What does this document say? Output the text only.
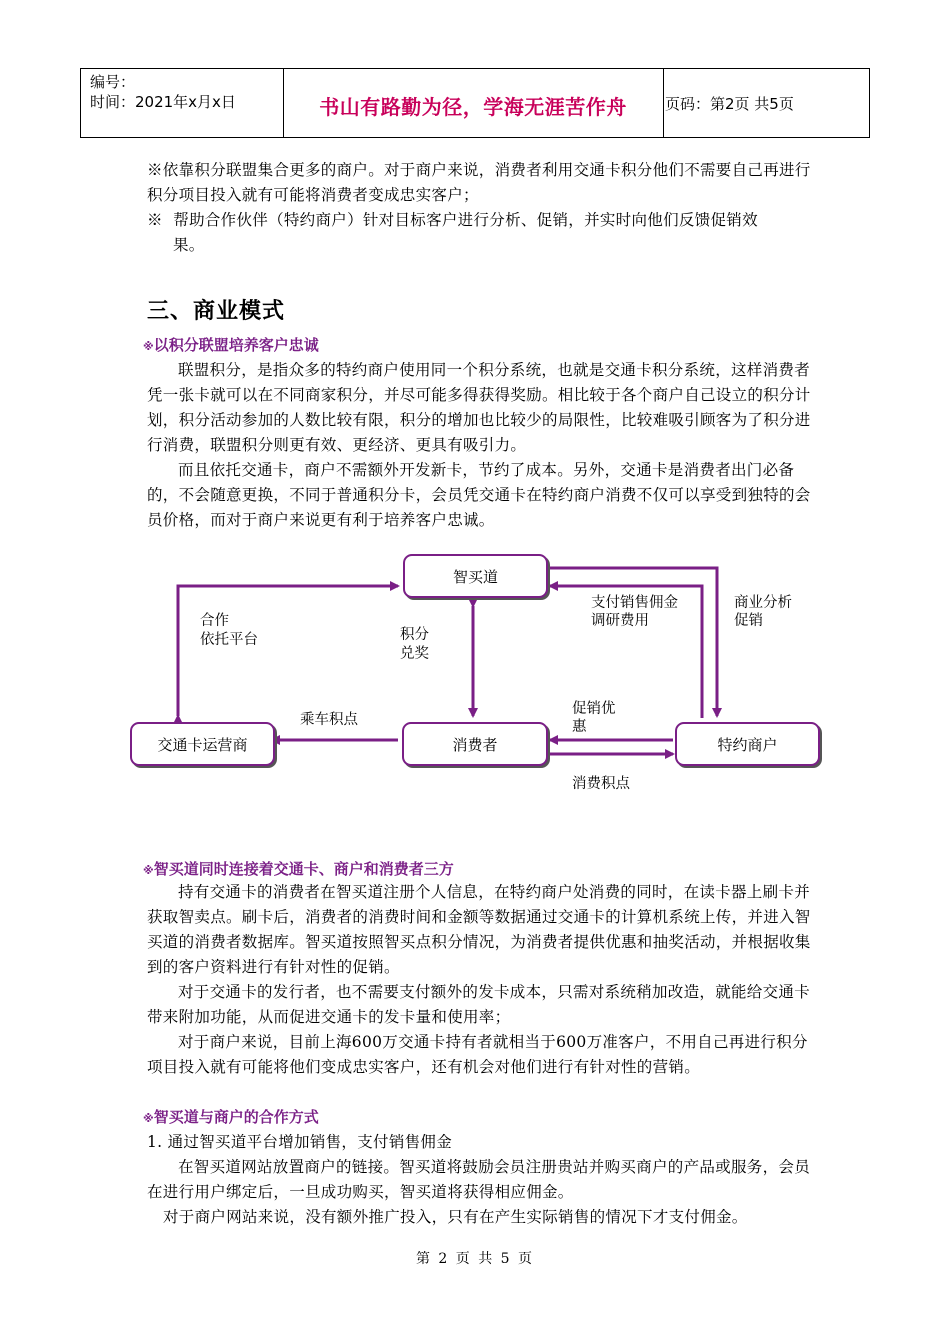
编号：
时间：2021年x月x日	书山有路勤为径，学海无涯苦作舟	页码：第2页 共5页
※依靠积分联盟集合更多的商户。对于商户来说，消费者利用交通卡积分他们不需要自己再进行积分项目投入就有可能将消费者变成忠实客户；
※ 帮助合作伙伴（特约商户）针对目标客户进行分析、促销，并实时向他们反馈促销效
果。
三、商业模式
※以积分联盟培养客户忠诚
联盟积分，是指众多的特约商户使用同一个积分系统，也就是交通卡积分系统，这样消费者凭一张卡就可以在不同商家积分，并尽可能多得获得奖励。相比较于各个商户自己设立的积分计划，积分活动参加的人数比较有限，积分的增加也比较少的局限性，比较难吸引顾客为了积分进行消费，联盟积分则更有效、更经济、更具有吸引力。
而且依托交通卡，商户不需额外开发新卡，节约了成本。另外，交通卡是消费者出门必备的，不会随意更换，不同于普通积分卡，会员凭交通卡在特约商户消费不仅可以享受到独特的会员价格，而对于商户来说更有利于培养客户忠诚。
智买道
交通卡运营商	消费者	特约商户
合作
依托平台	积分
兑奖
支付销售佣金
调研费用
商业分析
促销
乘车积点
促销优
惠
消费积点
※智买道同时连接着交通卡、商户和消费者三方
持有交通卡的消费者在智买道注册个人信息，在特约商户处消费的同时，在读卡器上刷卡并获取智卖点。刷卡后，消费者的消费时间和金额等数据通过交通卡的计算机系统上传，并进入智买道的消费者数据库。智买道按照智买点积分情况，为消费者提供优惠和抽奖活动，并根据收集到的客户资料进行有针对性的促销。
对于交通卡的发行者，也不需要支付额外的发卡成本，只需对系统稍加改造，就能给交通卡带来附加功能，从而促进交通卡的发卡量和使用率；
对于商户来说，目前上海600万交通卡持有者就相当于600万准客户，不用自己再进行积分项目投入就有可能将他们变成忠实客户，还有机会对他们进行有针对性的营销。
※智买道与商户的合作方式
1. 通过智买道平台增加销售，支付销售佣金
在智买道网站放置商户的链接。智买道将鼓励会员注册贵站并购买商户的产品或服务，会员在进行用户绑定后，一旦成功购买，智买道将获得相应佣金。
对于商户网站来说，没有额外推广投入，只有在产生实际销售的情况下才支付佣金。
第 2 页 共 5 页
